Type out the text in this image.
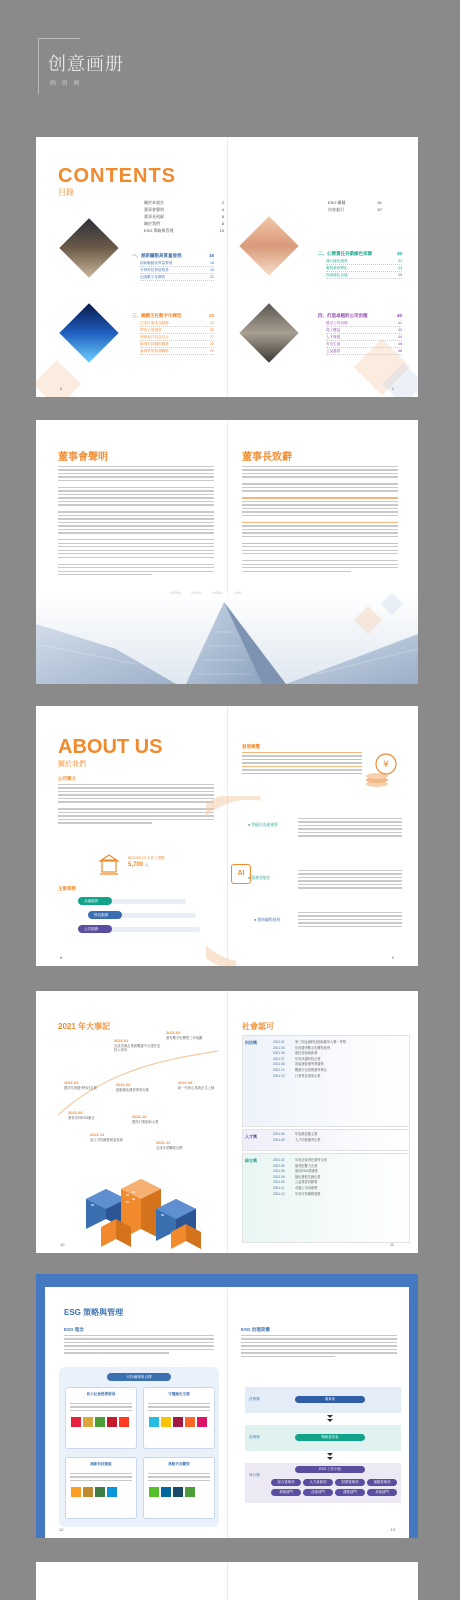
创意画册
画 册 画
CONTENTS
目錄
關於本報告	2
董事會聲明	4
董事長致辭	5
關於我們	8
ESG 策略與管理	13
ESG 關鍵	51
內容索引	57
一、創新驅動高質量發展	16
創新驅動高質量發展	16
夯實科技發展根基	19
加速數字化轉型	21
二、心懷責任共築綠色家園	30
踐行綠色運營	31
應對氣候變化	33
探索綠色金融	35
三、鋼鐵支柱數字化轉型	23
打造可靠產品服務	23
堅持合規運營	25
保障客戶信息安全	27
維護可持續供應鏈	28
落實科學發展戰略	29
四、打造卓越的公司治理	40
健全公司治理	41
員工權益	42
人才發展	44
安全生產	46
公益慈善	48
0	1
董事會聲明	董事長致辭
ABOUT US
關於我們
公司簡介
截至2021年末員工總數
5,700 人
主營業務
金融服務
科技服務
公共服務
發展概覽
¥
AI
● 智能化高速運營
● 服務智能化
● 創新驅動發展
8	9
2021 年大事記	社會認可
2021.01
完成首個企業級數據中台建設並投入使用
2021.02
發布數字化轉型三年規劃
2021.04
獲評年度優秀科技企業
2021.06
啟動綠色運營專項行動
2021.08
新一代核心系統正式上線
2021.09
發布首份ESG報告	2021.10
獲得行業創新大獎
2021.11
成立可持續發展委員會	2021.12
完成年度戰略目標
科技獎	2021.01	第三屆金融科技創新應用大賽一等獎
2021.03	年度優秀數字化轉型案例
2021.05	最佳技術創新獎
2021.07	年度卓越科技企業
2021.08	智能運營優秀實踐獎
2021.10	數據安全管理優秀單位
2021.12	行業科技領軍企業
人才獎	2021.06	年度最佳僱主獎
2021.09	人才培養優秀企業
綜合獎	2021.02	年度社會責任優秀企業
2021.04	最具影響力企業
2021.06	最佳ESG實踐獎
2021.08	綠色發展先鋒企業
2021.09	公益慈善貢獻獎
2021.11	卓越公司治理獎
2021.12	年度可持續發展獎
10	11
ESG 策略與管理
ESG 理念
可持續發展目標
助力社會經濟發展	守護綠色生態
創新科技賦能	推動共同繁榮
ESG 治理架構
決策層
管理層
執行層
董事會
戰略委員會
ESG 工作小組
綜合管理部	人力資源部	財務管理部	風險管理部
業務部門	技術部門	運營部門	其他部門
12	13
